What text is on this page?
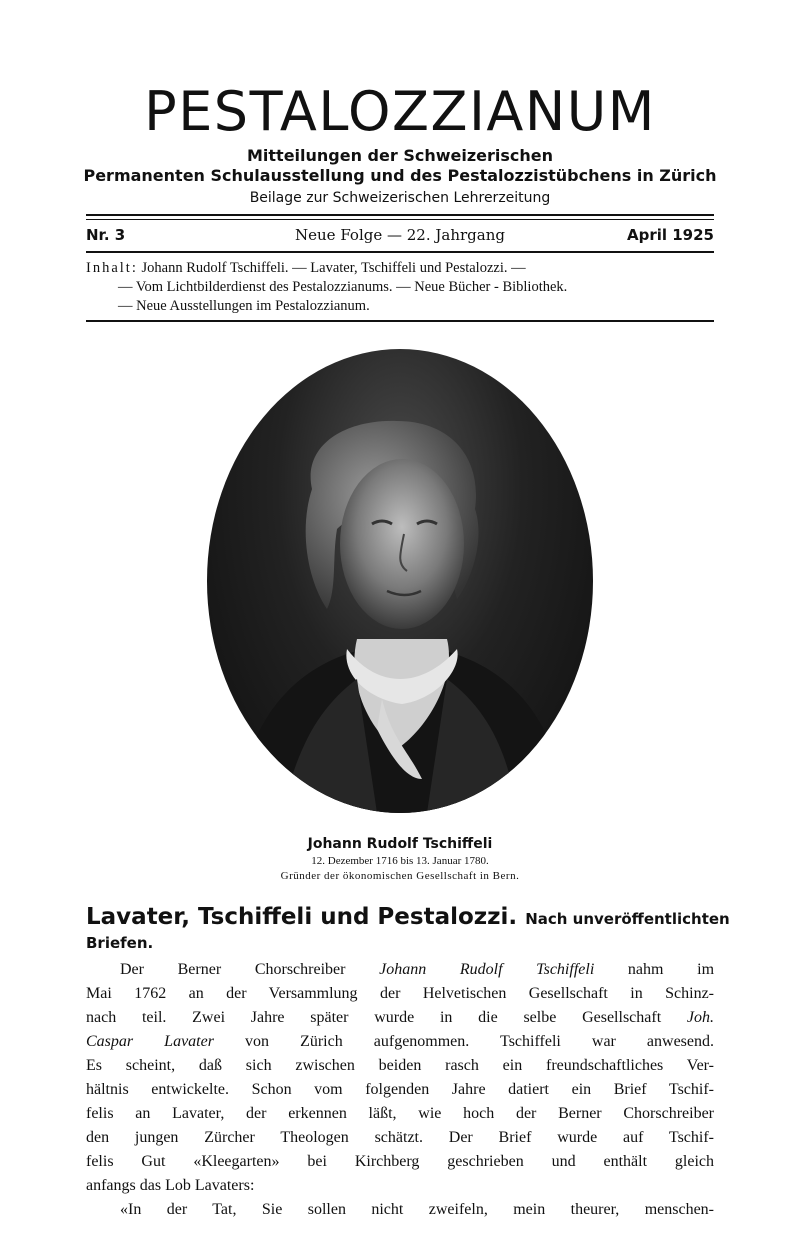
PESTALOZZIANUM
Mitteilungen der Schweizerischen
Permanenten Schulausstellung und des Pestalozzistübchens in Zürich
Beilage zur Schweizerischen Lehrerzeitung
Neue Folge — 22. Jahrgang
Nr. 3	April 1925
Inhalt: Johann Rudolf Tschiffeli. — Lavater, Tschiffeli und Pestalozzi. —
— Vom Lichtbilderdienst des Pestalozzianums. — Neue Bücher - Bibliothek.
— Neue Ausstellungen im Pestalozzianum.
Johann Rudolf Tschiffeli
12. Dezember 1716 bis 13. Januar 1780.
Gründer der ökonomischen Gesellschaft in Bern.
Lavater, Tschiffeli und Pestalozzi. Nach unveröffentlichten
Briefen.
Der Berner Chorschreiber Johann Rudolf Tschiffeli nahm im
Mai 1762 an der Versammlung der Helvetischen Gesellschaft in Schinz-
nach teil. Zwei Jahre später wurde in die selbe Gesellschaft Joh.
Caspar Lavater von Zürich aufgenommen. Tschiffeli war anwesend.
Es scheint, daß sich zwischen beiden rasch ein freundschaftliches Ver-
hältnis entwickelte. Schon vom folgenden Jahre datiert ein Brief Tschif-
felis an Lavater, der erkennen läßt, wie hoch der Berner Chorschreiber
den jungen Zürcher Theologen schätzt. Der Brief wurde auf Tschif-
felis Gut «Kleegarten» bei Kirchberg geschrieben und enthält gleich
anfangs das Lob Lavaters:
«In der Tat, Sie sollen nicht zweifeln, mein theurer, menschen-
